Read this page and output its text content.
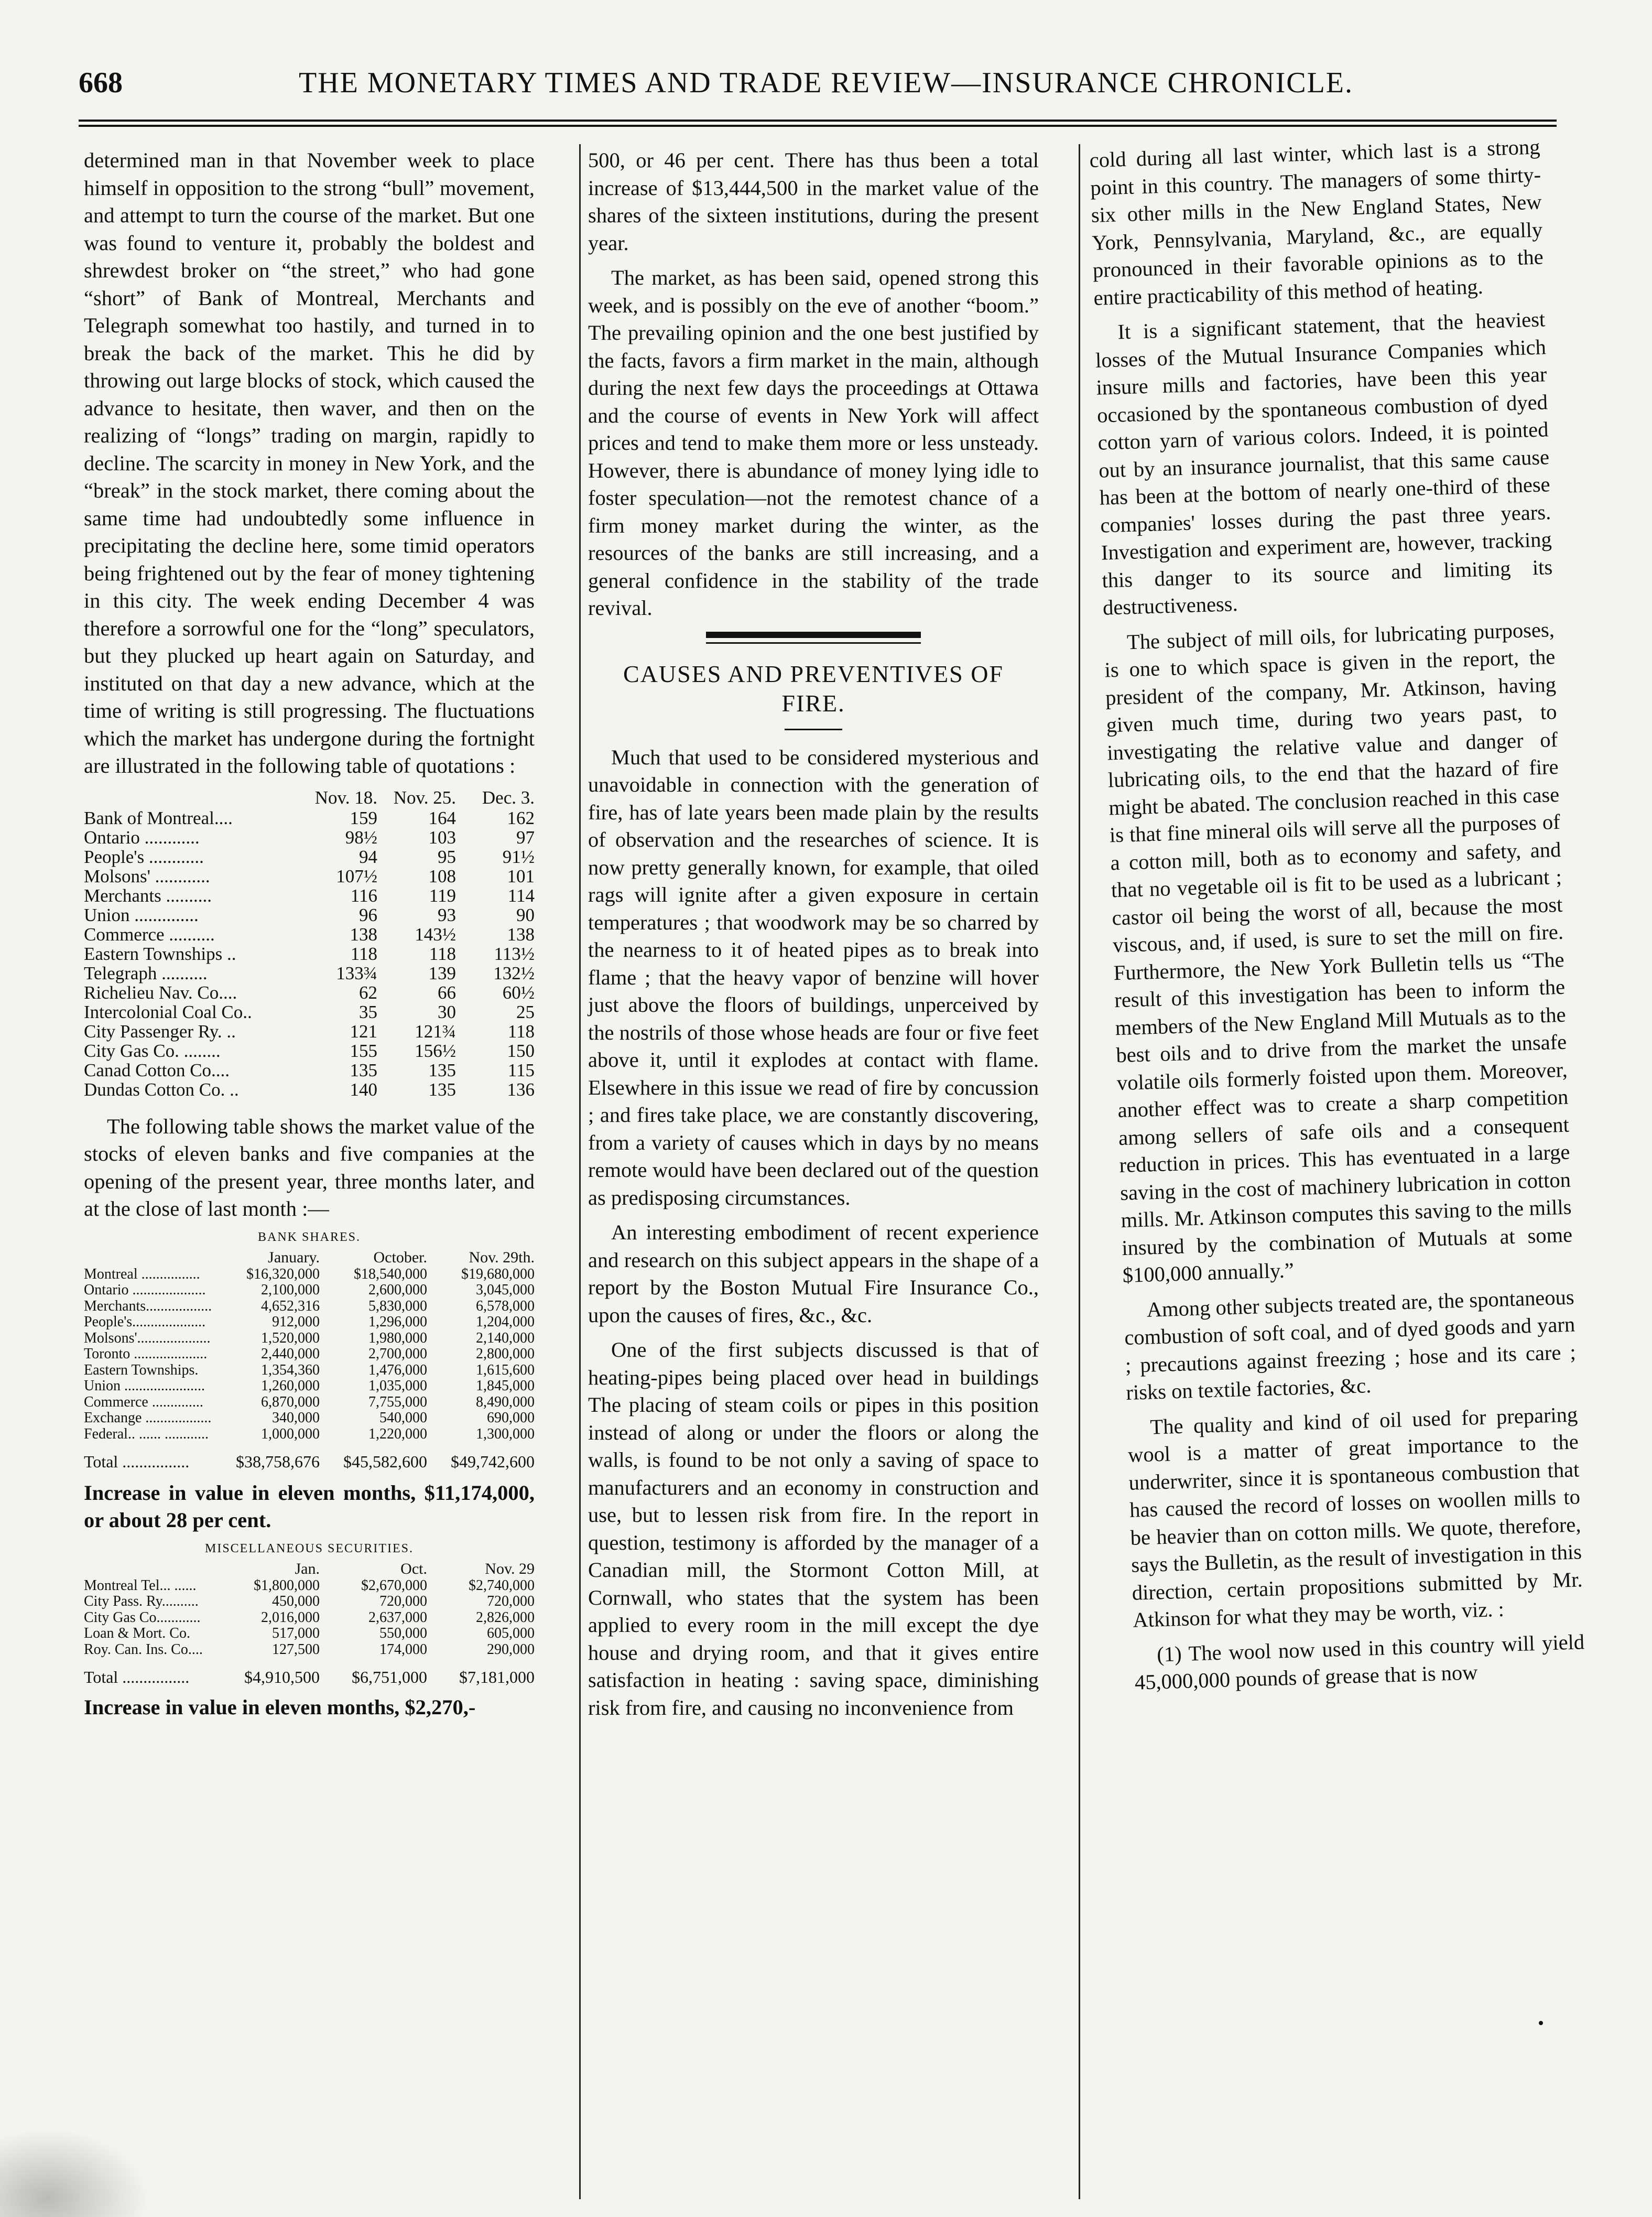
668	THE MONETARY TIMES AND TRADE REVIEW—INSURANCE CHRONICLE.

determined man in that November week to place himself in opposition to the strong “bull” movement, and attempt to turn the course of the market. But one was found to venture it, probably the boldest and shrewdest broker on “the street,” who had gone “short” of Bank of Montreal, Merchants and Telegraph somewhat too hastily, and turned in to break the back of the market. This he did by throwing out large blocks of stock, which caused the advance to hesitate, then waver, and then on the realizing of “longs” trading on margin, rapidly to decline. The scarcity in money in New York, and the “break” in the stock market, there coming about the same time had undoubtedly some influence in precipitating the decline here, some timid operators being frightened out by the fear of money tightening in this city. The week ending December 4 was therefore a sorrowful one for the “long” speculators, but they plucked up heart again on Saturday, and instituted on that day a new advance, which at the time of writing is still progressing. The fluctuations which the market has undergone during the fortnight are illustrated in the following table of quotations :

	Nov. 18.	Nov. 25.	Dec. 3.
Bank of Montreal....	159	164	162
Ontario ............	98½	103	97
People's ............	94	95	91½
Molsons' ............	107½	108	101
Merchants ..........	116	119	114
Union ..............	96	93	90
Commerce ..........	138	143½	138
Eastern Townships ..	118	118	113½
Telegraph ..........	133¾	139	132½
Richelieu Nav. Co....	62	66	60½
Intercolonial Coal Co..	35	30	25
City Passenger Ry. ..	121	121¾	118
City Gas Co. ........	155	156½	150
Canad Cotton Co....	135	135	115
Dundas Cotton Co. ..	140	135	136

The following table shows the market value of the stocks of eleven banks and five companies at the opening of the present year, three months later, and at the close of last month :—

BANK SHARES.
	January.	October.	Nov. 29th.
Montreal ................	$16,320,000	$18,540,000	$19,680,000
Ontario ....................	2,100,000	2,600,000	3,045,000
Merchants..................	4,652,316	5,830,000	6,578,000
People's....................	912,000	1,296,000	1,204,000
Molsons'....................	1,520,000	1,980,000	2,140,000
Toronto ....................	2,440,000	2,700,000	2,800,000
Eastern Townships.	1,354,360	1,476,000	1,615,600
Union ......................	1,260,000	1,035,000	1,845,000
Commerce ..............	6,870,000	7,755,000	8,490,000
Exchange ..................	340,000	540,000	690,000
Federal.. ...... ............	1,000,000	1,220,000	1,300,000
Total ................	$38,758,676	$45,582,600	$49,742,600

Increase in value in eleven months, $11,174,000, or about 28 per cent.

MISCELLANEOUS SECURITIES.
	Jan.	Oct.	Nov. 29
Montreal Tel... ......	$1,800,000	$2,670,000	$2,740,000
City Pass. Ry..........	450,000	720,000	720,000
City Gas Co............	2,016,000	2,637,000	2,826,000
Loan & Mort. Co.	517,000	550,000	605,000
Roy. Can. Ins. Co....	127,500	174,000	290,000
Total ................	$4,910,500	$6,751,000	$7,181,000

Increase in value in eleven months, $2,270,-

500, or 46 per cent. There has thus been a total increase of $13,444,500 in the market value of the shares of the sixteen institutions, during the present year.

The market, as has been said, opened strong this week, and is possibly on the eve of another “boom.” The prevailing opinion and the one best justified by the facts, favors a firm market in the main, although during the next few days the proceedings at Ottawa and the course of events in New York will affect prices and tend to make them more or less unsteady. However, there is abundance of money lying idle to foster speculation—not the remotest chance of a firm money market during the winter, as the resources of the banks are still increasing, and a general confidence in the stability of the trade revival.

CAUSES AND PREVENTIVES OF FIRE.

Much that used to be considered mysterious and unavoidable in connection with the generation of fire, has of late years been made plain by the results of observation and the researches of science. It is now pretty generally known, for example, that oiled rags will ignite after a given exposure in certain temperatures ; that woodwork may be so charred by the nearness to it of heated pipes as to break into flame ; that the heavy vapor of benzine will hover just above the floors of buildings, unperceived by the nostrils of those whose heads are four or five feet above it, until it explodes at contact with flame. Elsewhere in this issue we read of fire by concussion ; and fires take place, we are constantly discovering, from a variety of causes which in days by no means remote would have been declared out of the question as predisposing circumstances.

An interesting embodiment of recent experience and research on this subject appears in the shape of a report by the Boston Mutual Fire Insurance Co., upon the causes of fires, &c., &c.

One of the first subjects discussed is that of heating-pipes being placed over head in buildings The placing of steam coils or pipes in this position instead of along or under the floors or along the walls, is found to be not only a saving of space to manufacturers and an economy in construction and use, but to lessen risk from fire. In the report in question, testimony is afforded by the manager of a Canadian mill, the Stormont Cotton Mill, at Cornwall, who states that the system has been applied to every room in the mill except the dye house and drying room, and that it gives entire satisfaction in heating : saving space, diminishing risk from fire, and causing no inconvenience from

cold during all last winter, which last is a strong point in this country. The managers of some thirty-six other mills in the New England States, New York, Pennsylvania, Maryland, &c., are equally pronounced in their favorable opinions as to the entire practicability of this method of heating.

It is a significant statement, that the heaviest losses of the Mutual Insurance Companies which insure mills and factories, have been this year occasioned by the spontaneous combustion of dyed cotton yarn of various colors. Indeed, it is pointed out by an insurance journalist, that this same cause has been at the bottom of nearly one-third of these companies' losses during the past three years. Investigation and experiment are, however, tracking this danger to its source and limiting its destructiveness.

The subject of mill oils, for lubricating purposes, is one to which space is given in the report, the president of the company, Mr. Atkinson, having given much time, during two years past, to investigating the relative value and danger of lubricating oils, to the end that the hazard of fire might be abated. The conclusion reached in this case is that fine mineral oils will serve all the purposes of a cotton mill, both as to economy and safety, and that no vegetable oil is fit to be used as a lubricant ; castor oil being the worst of all, because the most viscous, and, if used, is sure to set the mill on fire. Furthermore, the New York Bulletin tells us “The result of this investigation has been to inform the members of the New England Mill Mutuals as to the best oils and to drive from the market the unsafe volatile oils formerly foisted upon them. Moreover, another effect was to create a sharp competition among sellers of safe oils and a consequent reduction in prices. This has eventuated in a large saving in the cost of machinery lubrication in cotton mills. Mr. Atkinson computes this saving to the mills insured by the combination of Mutuals at some $100,000 annually.”

Among other subjects treated are, the spontaneous combustion of soft coal, and of dyed goods and yarn ; precautions against freezing ; hose and its care ; risks on textile factories, &c.

The quality and kind of oil used for preparing wool is a matter of great importance to the underwriter, since it is spontaneous combustion that has caused the record of losses on woollen mills to be heavier than on cotton mills. We quote, therefore, says the Bulletin, as the result of investigation in this direction, certain propositions submitted by Mr. Atkinson for what they may be worth, viz. :

(1) The wool now used in this country will yield 45,000,000 pounds of grease that is now
